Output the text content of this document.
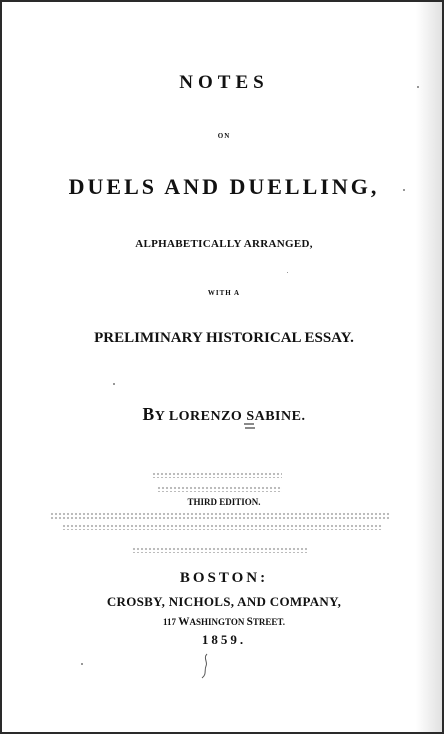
NOTES
ON
DUELS AND DUELLING,
ALPHABETICALLY ARRANGED,
WITH A
PRELIMINARY HISTORICAL ESSAY.
BY LORENZO SABINE.
THIRD EDITION.
BOSTON:
CROSBY, NICHOLS, AND COMPANY,
117 WASHINGTON STREET.
1859.
